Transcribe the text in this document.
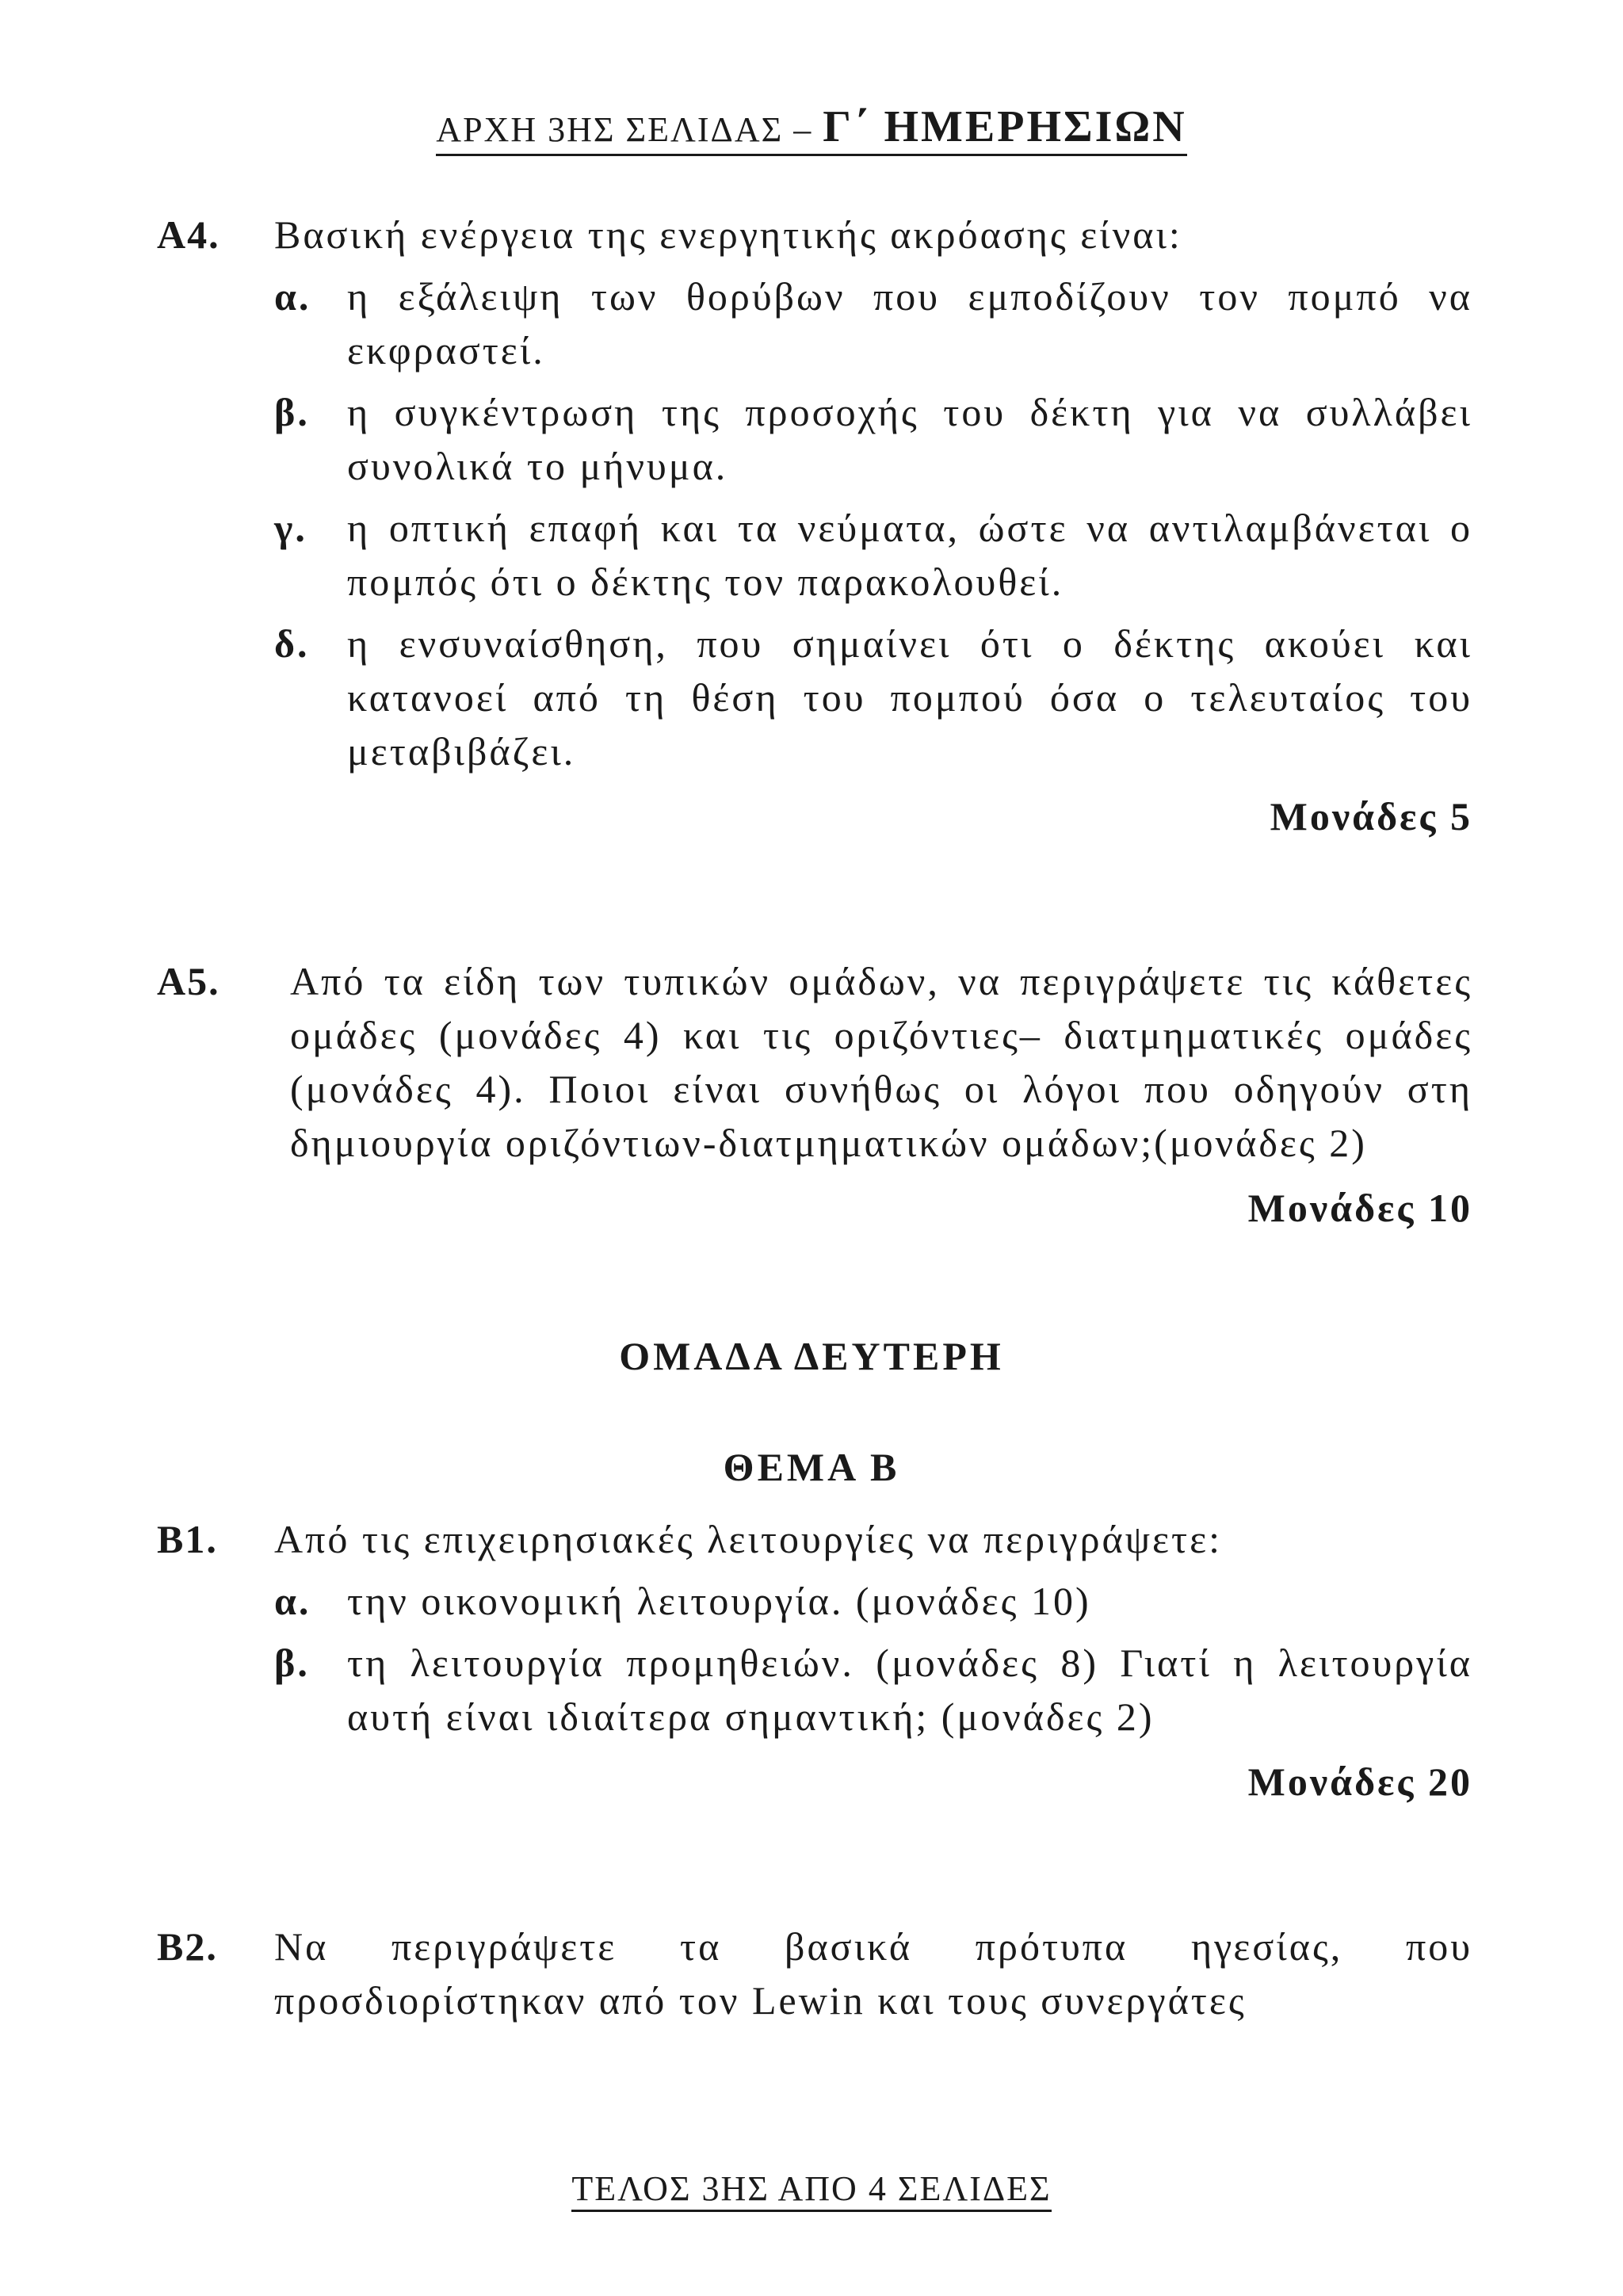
ΑΡΧΗ 3ΗΣ ΣΕΛΙΔΑΣ – Γ΄ ΗΜΕΡΗΣΙΩΝ
Α4. Βασική ενέργεια της ενεργητικής ακρόασης είναι:
α. η εξάλειψη των θορύβων που εμποδίζουν τον πομπό να εκφραστεί.
β. η συγκέντρωση της προσοχής του δέκτη για να συλλάβει συνολικά το μήνυμα.
γ. η οπτική επαφή και τα νεύματα, ώστε να αντιλαμβάνεται ο πομπός ότι ο δέκτης τον παρακολουθεί.
δ. η ενσυναίσθηση, που σημαίνει ότι ο δέκτης ακούει και κατανοεί από τη θέση του πομπού όσα ο τελευταίος του μεταβιβάζει.
Μονάδες 5
Α5. Από τα είδη των τυπικών ομάδων, να περιγράψετε τις κάθετες ομάδες (μονάδες 4) και τις οριζόντιες– διατμηματικές ομάδες (μονάδες 4). Ποιοι είναι συνήθως οι λόγοι που οδηγούν στη δημιουργία οριζόντιων-διατμηματικών ομάδων;(μονάδες 2)
Μονάδες 10
ΟΜΑΔΑ ΔΕΥΤΕΡΗ
ΘΕΜΑ Β
Β1. Από τις επιχειρησιακές λειτουργίες να περιγράψετε:
α. την οικονομική λειτουργία. (μονάδες 10)
β. τη λειτουργία προμηθειών. (μονάδες 8) Γιατί η λειτουργία αυτή είναι ιδιαίτερα σημαντική; (μονάδες 2)
Μονάδες 20
Β2. Να περιγράψετε τα βασικά πρότυπα ηγεσίας, που προσδιορίστηκαν από τον Lewin και τους συνεργάτες
ΤΕΛΟΣ 3ΗΣ ΑΠΟ 4 ΣΕΛΙΔΕΣ
